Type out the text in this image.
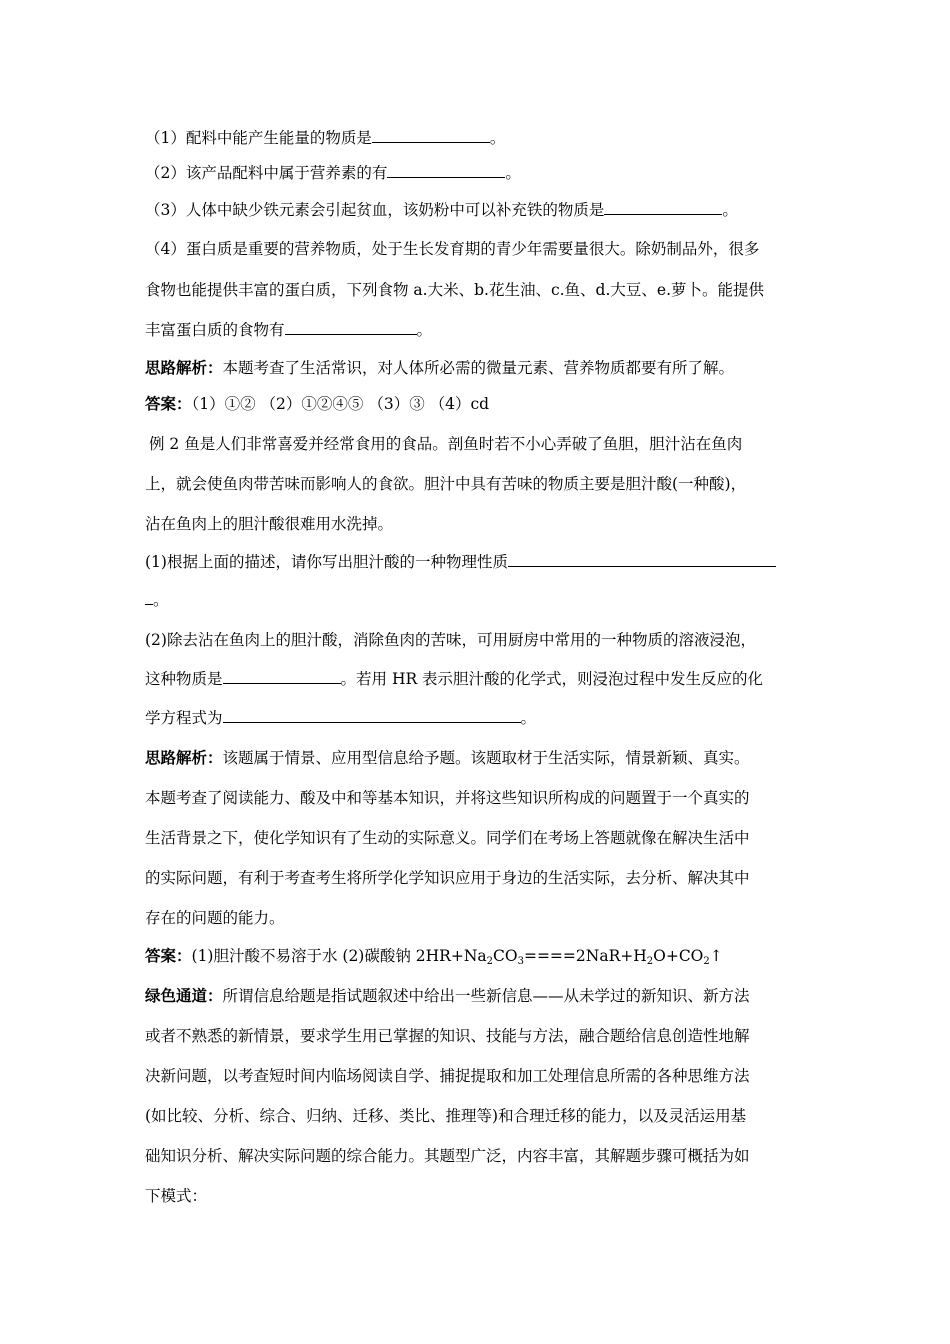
（1）配料中能产生能量的物质是	。
（2）该产品配料中属于营养素的有	。
（3）人体中缺少铁元素会引起贫血，该奶粉中可以补充铁的物质是	。
（4）蛋白质是重要的营养物质，处于生长发育期的青少年需要量很大。除奶制品外，很多
食物也能提供丰富的蛋白质，下列食物 a.大米、b.花生油、c.鱼、d.大豆、e.萝卜。能提供
丰富蛋白质的食物有	。
思路解析：本题考查了生活常识，对人体所必需的微量元素、营养物质都要有所了解。
答案：（1）①② （2）①②④⑤ （3）③ （4）cd
例 2 鱼是人们非常喜爱并经常食用的食品。剖鱼时若不小心弄破了鱼胆，胆汁沾在鱼肉
上，就会使鱼肉带苦味而影响人的食欲。胆汁中具有苦味的物质主要是胆汁酸(一种酸)，
沾在鱼肉上的胆汁酸很难用水洗掉。
(1)根据上面的描述，请你写出胆汁酸的一种物理性质
。
(2)除去沾在鱼肉上的胆汁酸，消除鱼肉的苦味，可用厨房中常用的一种物质的溶液浸泡，
这种物质是	。若用 HR 表示胆汁酸的化学式，则浸泡过程中发生反应的化
学方程式为	。
思路解析：该题属于情景、应用型信息给予题。该题取材于生活实际，情景新颖、真实。
本题考查了阅读能力、酸及中和等基本知识，并将这些知识所构成的问题置于一个真实的
生活背景之下，使化学知识有了生动的实际意义。同学们在考场上答题就像在解决生活中
的实际问题，有利于考查考生将所学化学知识应用于身边的生活实际，去分析、解决其中
存在的问题的能力。
答案：(1)胆汁酸不易溶于水 (2)碳酸钠 $2HR+Na_2CO_3====2NaR+H_2O+CO_2↑$
绿色通道：所谓信息给题是指试题叙述中给出一些新信息——从未学过的新知识、新方法
或者不熟悉的新情景，要求学生用已掌握的知识、技能与方法，融合题给信息创造性地解
决新问题，以考查短时间内临场阅读自学、捕捉提取和加工处理信息所需的各种思维方法
(如比较、分析、综合、归纳、迁移、类比、推理等)和合理迁移的能力，以及灵活运用基
础知识分析、解决实际问题的综合能力。其题型广泛，内容丰富，其解题步骤可概括为如
下模式：
